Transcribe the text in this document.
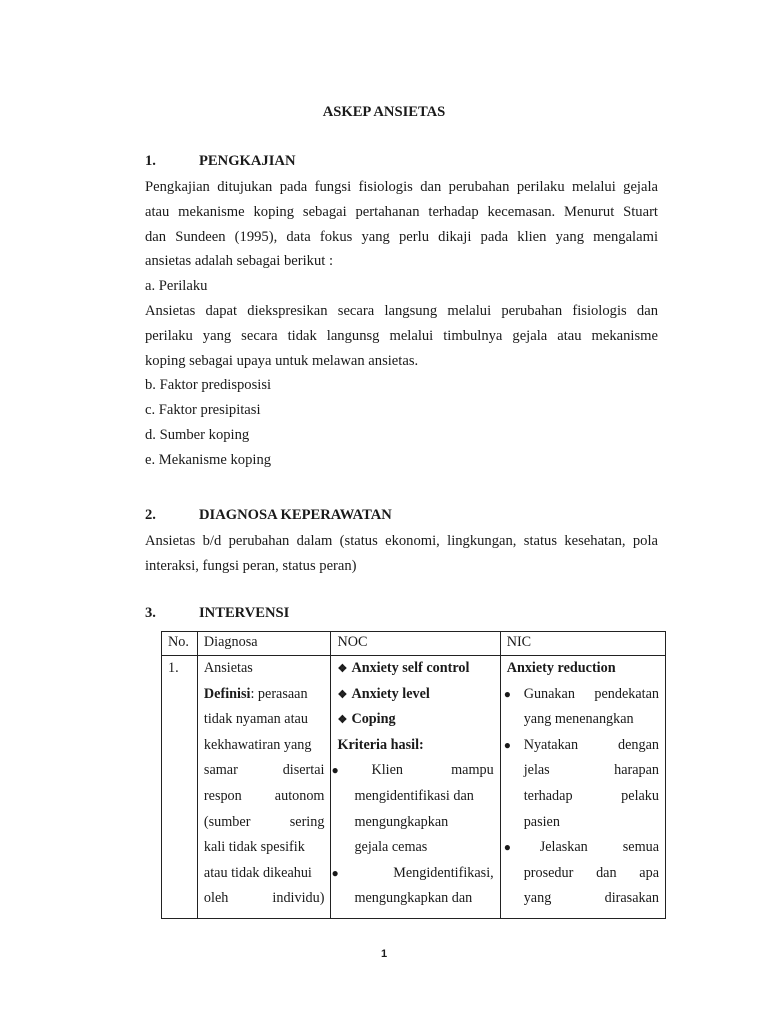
ASKEP ANSIETAS
1.	PENGKAJIAN
Pengkajian ditujukan pada fungsi fisiologis dan perubahan perilaku melalui gejala
atau mekanisme koping sebagai pertahanan terhadap kecemasan. Menurut Stuart
dan Sundeen (1995), data fokus yang perlu dikaji pada klien yang mengalami
ansietas adalah sebagai berikut :
a. Perilaku
Ansietas dapat diekspresikan secara langsung melalui perubahan fisiologis dan
perilaku yang secara tidak langunsg melalui timbulnya gejala atau mekanisme
koping sebagai upaya untuk melawan ansietas.
b. Faktor predisposisi
c. Faktor presipitasi
d. Sumber koping
e. Mekanisme koping
2.	DIAGNOSA KEPERAWATAN
Ansietas b/d perubahan dalam (status ekonomi, lingkungan, status kesehatan, pola
interaksi, fungsi peran, status peran)
3.	INTERVENSI
No.	Diagnosa	NOC	NIC

1.	Ansietas
Definisi: perasaan
tidak nyaman atau
kekhawatiran yang
samar	disertai
respon autonom
(sumber	sering
kali tidak spesifik
atau tidak dikeahui
oleh	individu)

❖ Anxiety self control
❖ Anxiety level
❖ Coping
Kriteria hasil:
●	Klien	mampu
mengidentifikasi dan
mengungkapkan
gejala cemas
●	Mengidentifikasi,
mengungkapkan dan

Anxiety reduction
● Gunakan pendekatan
yang menenangkan
● Nyatakan	dengan
jelas	harapan
terhadap	pelaku
pasien
●	Jelaskan semua
prosedur dan apa
yang	dirasakan
1
